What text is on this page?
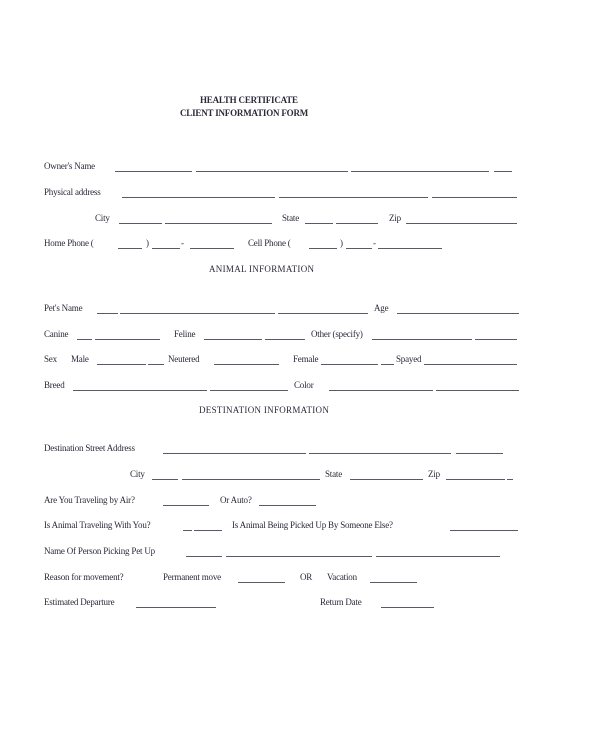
HEALTH CERTIFICATE
CLIENT INFORMATION FORM
Owner's Name
Physical address
City	State	Zip
Home Phone (	)	-	Cell Phone (	)	-
ANIMAL INFORMATION
Pet's Name	Age
Canine	Feline	Other (specify)
Sex Male	Neutered	Female	Spayed
Breed	Color
DESTINATION INFORMATION
Destination Street Address
City	State	Zip
Are You Traveling by Air?	Or Auto?
Is Animal Traveling With You?	Is Animal Being Picked Up By Someone Else?
Name Of Person Picking Pet Up
Reason for movement?	Permanent move	OR Vacation
Estimated Departure	Return Date
